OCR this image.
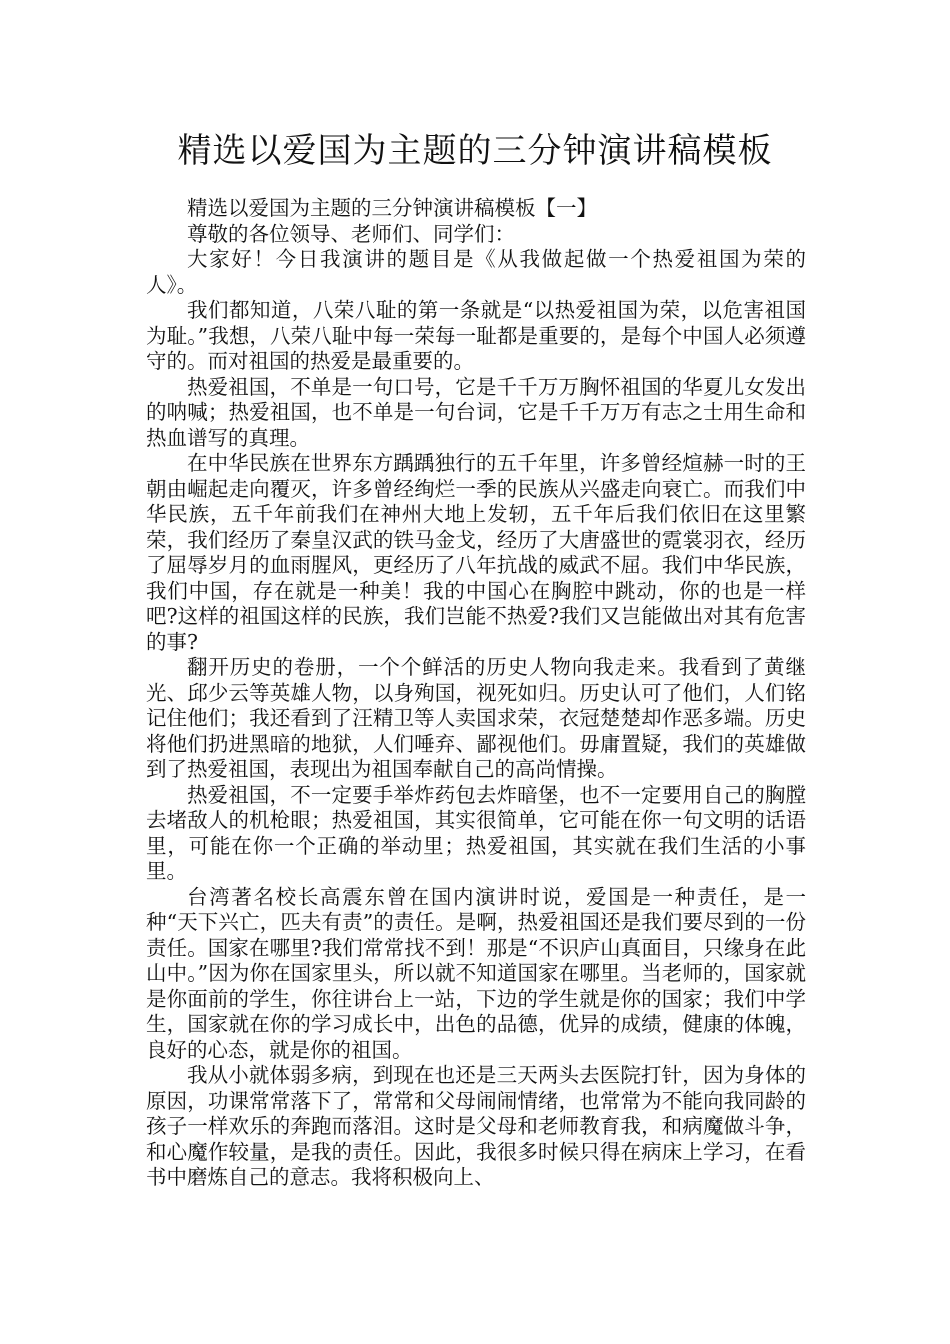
精选以爱国为主题的三分钟演讲稿模板

精选以爱国为主题的三分钟演讲稿模板【一】

尊敬的各位领导、老师们、同学们：

大家好！今日我演讲的题目是《从我做起做一个热爱祖国为荣的人》。

我们都知道，八荣八耻的第一条就是“以热爱祖国为荣，以危害祖国为耻。”我想，八荣八耻中每一荣每一耻都是重要的，是每个中国人必须遵守的。而对祖国的热爱是最重要的。

热爱祖国，不单是一句口号，它是千千万万胸怀祖国的华夏儿女发出的呐喊；热爱祖国，也不单是一句台词，它是千千万万有志之士用生命和热血谱写的真理。

在中华民族在世界东方踽踽独行的五千年里，许多曾经煊赫一时的王朝由崛起走向覆灭，许多曾经绚烂一季的民族从兴盛走向衰亡。而我们中华民族，五千年前我们在神州大地上发轫，五千年后我们依旧在这里繁荣，我们经历了秦皇汉武的铁马金戈，经历了大唐盛世的霓裳羽衣，经历了屈辱岁月的血雨腥风，更经历了八年抗战的威武不屈。我们中华民族，我们中国，存在就是一种美！我的中国心在胸腔中跳动，你的也是一样吧?这样的祖国这样的民族，我们岂能不热爱?我们又岂能做出对其有危害的事?

翻开历史的卷册，一个个鲜活的历史人物向我走来。我看到了黄继光、邱少云等英雄人物，以身殉国，视死如归。历史认可了他们，人们铭记住他们；我还看到了汪精卫等人卖国求荣，衣冠楚楚却作恶多端。历史将他们扔进黑暗的地狱，人们唾弃、鄙视他们。毋庸置疑，我们的英雄做到了热爱祖国，表现出为祖国奉献自己的高尚情操。

热爱祖国，不一定要手举炸药包去炸暗堡，也不一定要用自己的胸膛去堵敌人的机枪眼；热爱祖国，其实很简单，它可能在你一句文明的话语里，可能在你一个正确的举动里；热爱祖国，其实就在我们生活的小事里。

台湾著名校长高震东曾在国内演讲时说，爱国是一种责任，是一种“天下兴亡，匹夫有责”的责任。是啊，热爱祖国还是我们要尽到的一份责任。国家在哪里?我们常常找不到！那是“不识庐山真面目，只缘身在此山中。”因为你在国家里头，所以就不知道国家在哪里。当老师的，国家就是你面前的学生，你往讲台上一站，下边的学生就是你的国家；我们中学生，国家就在你的学习成长中，出色的品德，优异的成绩，健康的体魄，良好的心态，就是你的祖国。

我从小就体弱多病，到现在也还是三天两头去医院打针，因为身体的原因，功课常常落下了，常常和父母闹闹情绪，也常常为不能向我同龄的孩子一样欢乐的奔跑而落泪。这时是父母和老师教育我，和病魔做斗争，和心魔作较量，是我的责任。因此，我很多时候只得在病床上学习，在看书中磨炼自己的意志。我将积极向上、
